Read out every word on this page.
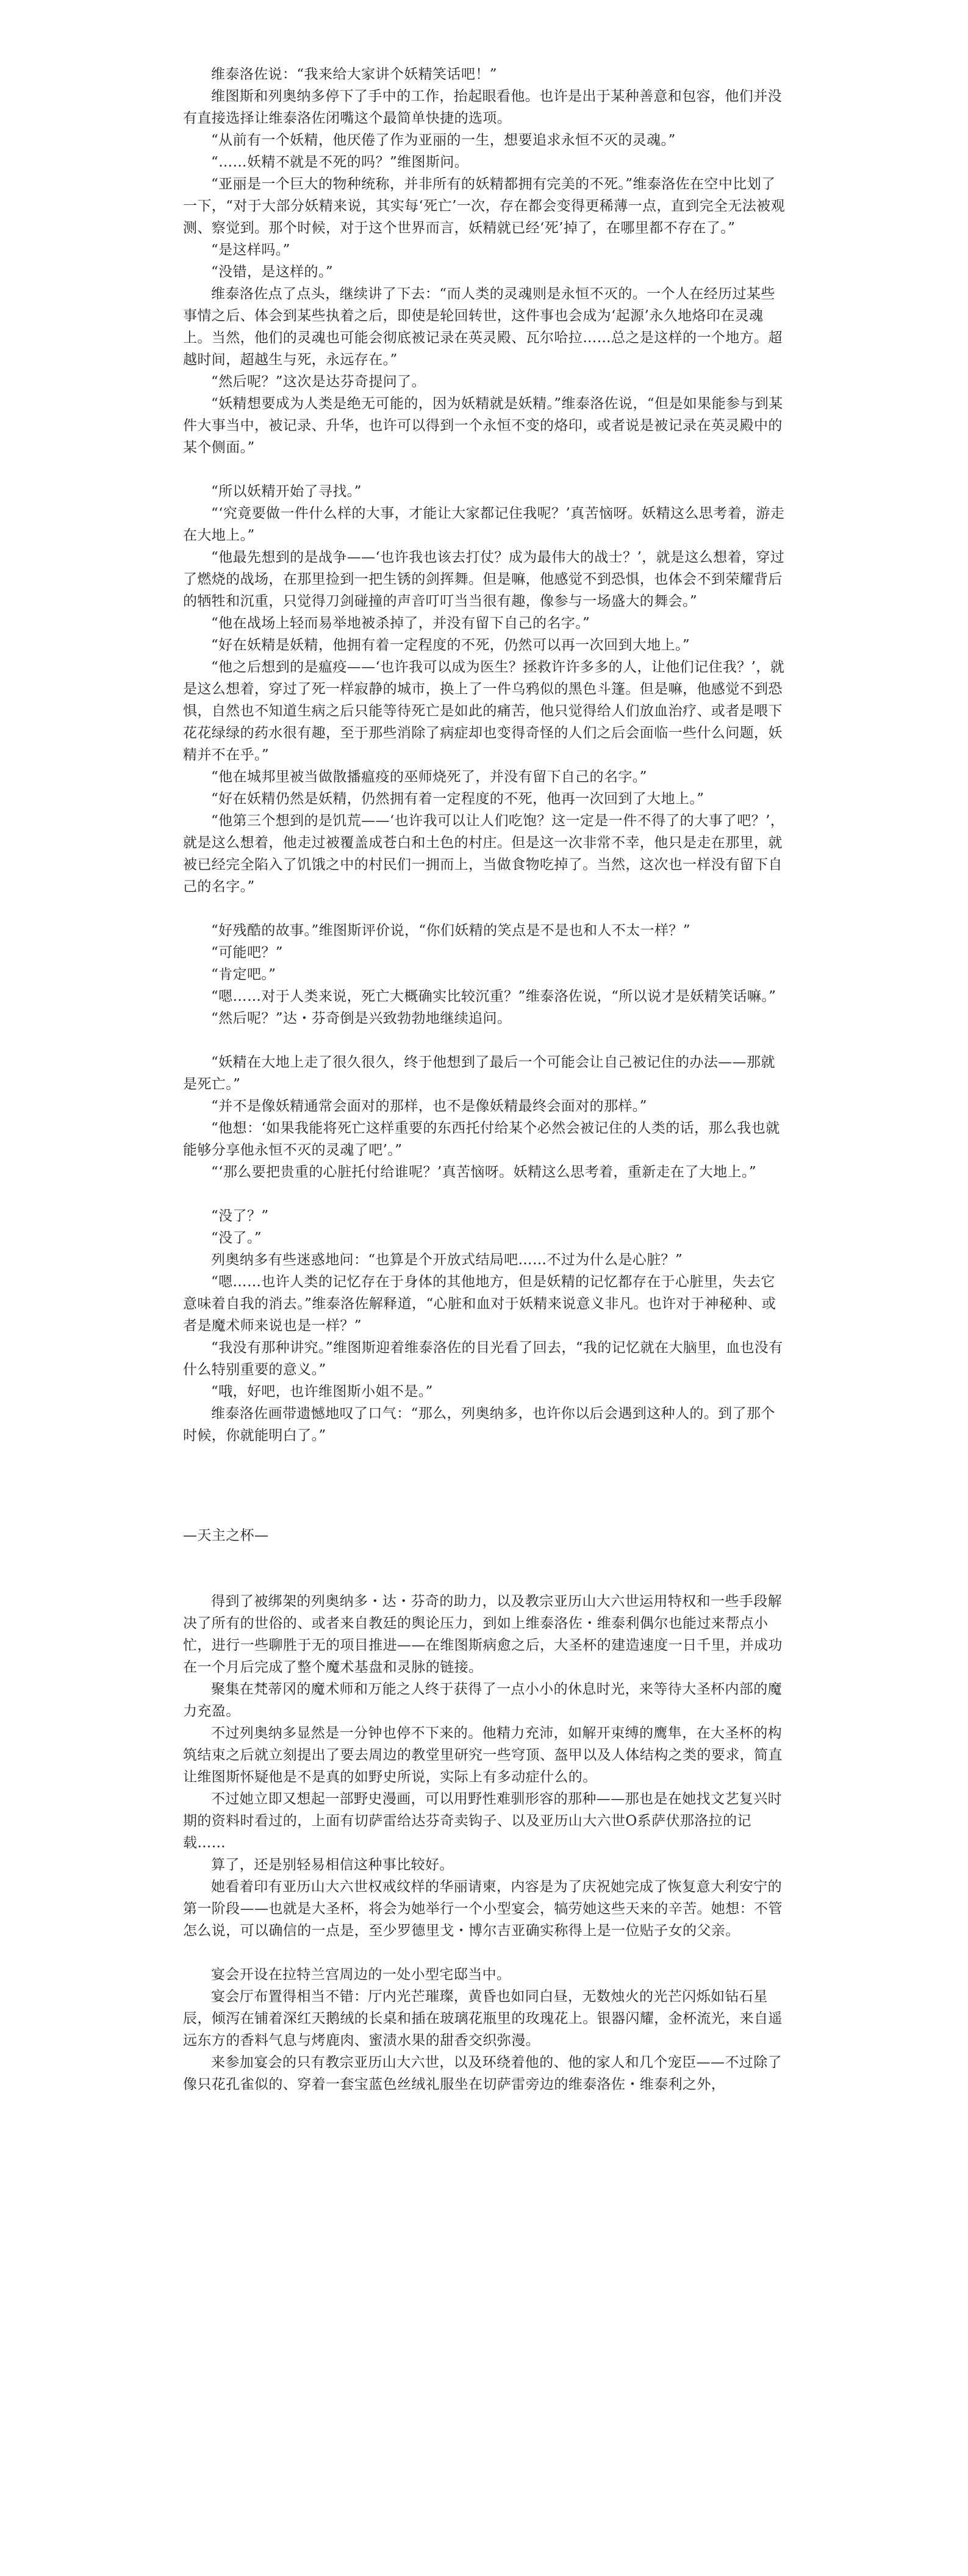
维泰洛佐说：“我来给大家讲个妖精笑话吧！”

维图斯和列奥纳多停下了手中的工作，抬起眼看他。也许是出于某种善意和包容，他们并没有直接选择让维泰洛佐闭嘴这个最简单快捷的选项。

“从前有一个妖精，他厌倦了作为亚丽的一生，想要追求永恒不灭的灵魂。”

“……妖精不就是不死的吗？”维图斯问。

“亚丽是一个巨大的物种统称，并非所有的妖精都拥有完美的不死。”维泰洛佐在空中比划了一下，“对于大部分妖精来说，其实每‘死亡’一次，存在都会变得更稀薄一点，直到完全无法被观测、察觉到。那个时候，对于这个世界而言，妖精就已经‘死’掉了，在哪里都不存在了。”

“是这样吗。”

“没错，是这样的。”

维泰洛佐点了点头，继续讲了下去：“而人类的灵魂则是永恒不灭的。一个人在经历过某些事情之后、体会到某些执着之后，即使是轮回转世，这件事也会成为‘起源’永久地烙印在灵魂上。当然，他们的灵魂也可能会彻底被记录在英灵殿、瓦尔哈拉……总之是这样的一个地方。超越时间，超越生与死，永远存在。”

“然后呢？”这次是达芬奇提问了。

“妖精想要成为人类是绝无可能的，因为妖精就是妖精。”维泰洛佐说，“但是如果能参与到某件大事当中，被记录、升华，也许可以得到一个永恒不变的烙印，或者说是被记录在英灵殿中的某个侧面。”

“所以妖精开始了寻找。”

“‘究竟要做一件什么样的大事，才能让大家都记住我呢？’真苦恼呀。妖精这么思考着，游走在大地上。”

“他最先想到的是战争——‘也许我也该去打仗？成为最伟大的战士？’，就是这么想着，穿过了燃烧的战场，在那里捡到一把生锈的剑挥舞。但是嘛，他感觉不到恐惧，也体会不到荣耀背后的牺牲和沉重，只觉得刀剑碰撞的声音叮叮当当很有趣，像参与一场盛大的舞会。”

“他在战场上轻而易举地被杀掉了，并没有留下自己的名字。”

“好在妖精是妖精，他拥有着一定程度的不死，仍然可以再一次回到大地上。”

“他之后想到的是瘟疫——‘也许我可以成为医生？拯救许许多多的人，让他们记住我？’，就是这么想着，穿过了死一样寂静的城市，换上了一件乌鸦似的黑色斗篷。但是嘛，他感觉不到恐惧，自然也不知道生病之后只能等待死亡是如此的痛苦，他只觉得给人们放血治疗、或者是喂下花花绿绿的药水很有趣，至于那些消除了病症却也变得奇怪的人们之后会面临一些什么问题，妖精并不在乎。”

“他在城邦里被当做散播瘟疫的巫师烧死了，并没有留下自己的名字。”

“好在妖精仍然是妖精，仍然拥有着一定程度的不死，他再一次回到了大地上。”

“他第三个想到的是饥荒——‘也许我可以让人们吃饱？这一定是一件不得了的大事了吧？’，就是这么想着，他走过被覆盖成苍白和土色的村庄。但是这一次非常不幸，他只是走在那里，就被已经完全陷入了饥饿之中的村民们一拥而上，当做食物吃掉了。当然，这次也一样没有留下自己的名字。”

“好残酷的故事。”维图斯评价说，“你们妖精的笑点是不是也和人不太一样？”

“可能吧？”

“肯定吧。”

“嗯……对于人类来说，死亡大概确实比较沉重？”维泰洛佐说，“所以说才是妖精笑话嘛。”

“然后呢？”达・芬奇倒是兴致勃勃地继续追问。

“妖精在大地上走了很久很久，终于他想到了最后一个可能会让自己被记住的办法——那就是死亡。”

“并不是像妖精通常会面对的那样，也不是像妖精最终会面对的那样。”

“他想：‘如果我能将死亡这样重要的东西托付给某个必然会被记住的人类的话，那么我也就能够分享他永恒不灭的灵魂了吧’。”

“‘那么要把贵重的心脏托付给谁呢？’真苦恼呀。妖精这么思考着，重新走在了大地上。”

“没了？”

“没了。”

列奥纳多有些迷惑地问：“也算是个开放式结局吧……不过为什么是心脏？”

“嗯……也许人类的记忆存在于身体的其他地方，但是妖精的记忆都存在于心脏里，失去它意味着自我的消去。”维泰洛佐解释道，“心脏和血对于妖精来说意义非凡。也许对于神秘种、或者是魔术师来说也是一样？”

“我没有那种讲究。”维图斯迎着维泰洛佐的目光看了回去，“我的记忆就在大脑里，血也没有什么特别重要的意义。”

“哦，好吧，也许维图斯小姐不是。”

维泰洛佐画带遗憾地叹了口气：“那么，列奥纳多，也许你以后会遇到这种人的。到了那个时候，你就能明白了。”

—天主之杯—

得到了被绑架的列奥纳多・达・芬奇的助力，以及教宗亚历山大六世运用特权和一些手段解决了所有的世俗的、或者来自教廷的舆论压力，到如上维泰洛佐・维泰利偶尔也能过来帮点小忙，进行一些聊胜于无的项目推进——在维图斯病愈之后，大圣杯的建造速度一日千里，并成功在一个月后完成了整个魔术基盘和灵脉的链接。

聚集在梵蒂冈的魔术师和万能之人终于获得了一点小小的休息时光，来等待大圣杯内部的魔力充盈。

不过列奥纳多显然是一分钟也停不下来的。他精力充沛，如解开束缚的鹰隼，在大圣杯的构筑结束之后就立刻提出了要去周边的教堂里研究一些穹顶、盔甲以及人体结构之类的要求，简直让维图斯怀疑他是不是真的如野史所说，实际上有多动症什么的。

不过她立即又想起一部野史漫画，可以用野性难驯形容的那种——那也是在她找文艺复兴时期的资料时看过的，上面有切萨雷给达芬奇卖钩子、以及亚历山大六世O系萨伏那洛拉的记载……

算了，还是别轻易相信这种事比较好。

她看着印有亚历山大六世权戒纹样的华丽请柬，内容是为了庆祝她完成了恢复意大利安宁的第一阶段——也就是大圣杯，将会为她举行一个小型宴会，犒劳她这些天来的辛苦。她想：不管怎么说，可以确信的一点是，至少罗德里戈・博尔吉亚确实称得上是一位贴子女的父亲。

宴会开设在拉特兰宫周边的一处小型宅邸当中。

宴会厅布置得相当不错：厅内光芒璀璨，黄昏也如同白昼，无数烛火的光芒闪烁如钻石星辰，倾泻在铺着深红天鹅绒的长桌和插在玻璃花瓶里的玫瑰花上。银器闪耀，金杯流光，来自遥远东方的香料气息与烤鹿肉、蜜渍水果的甜香交织弥漫。

来参加宴会的只有教宗亚历山大六世，以及环绕着他的、他的家人和几个宠臣——不过除了像只花孔雀似的、穿着一套宝蓝色丝绒礼服坐在切萨雷旁边的维泰洛佐・维泰利之外，
